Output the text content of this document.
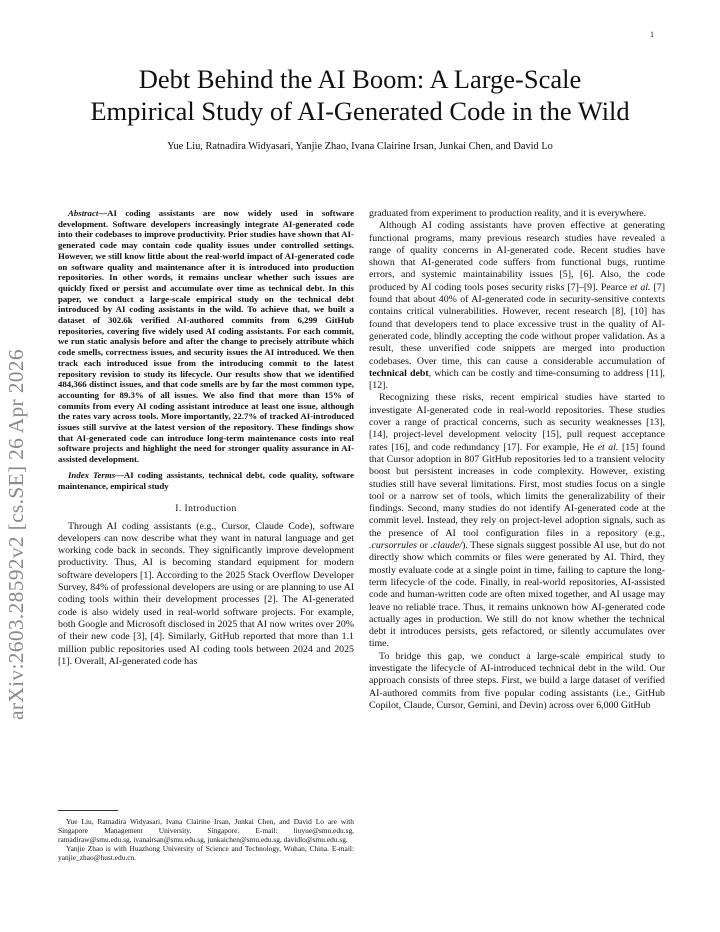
1
arXiv:2603.28592v2 [cs.SE] 26 Apr 2026
Debt Behind the AI Boom: A Large-Scale
Empirical Study of AI-Generated Code in the Wild
Yue Liu, Ratnadira Widyasari, Yanjie Zhao, Ivana Clairine Irsan, Junkai Chen, and David Lo

Abstract—AI coding assistants are now widely used in software development. Software developers increasingly integrate AI-generated code into their codebases to improve productivity. Prior studies have shown that AI-generated code may contain code quality issues under controlled settings. However, we still know little about the real-world impact of AI-generated code on software quality and maintenance after it is introduced into production repositories. In other words, it remains unclear whether such issues are quickly fixed or persist and accumulate over time as technical debt. In this paper, we conduct a large-scale empirical study on the technical debt introduced by AI coding assistants in the wild. To achieve that, we built a dataset of 302.6k verified AI-authored commits from 6,299 GitHub repositories, covering five widely used AI coding assistants. For each commit, we run static analysis before and after the change to precisely attribute which code smells, correctness issues, and security issues the AI introduced. We then track each introduced issue from the introducing commit to the latest repository revision to study its lifecycle. Our results show that we identified 484,366 distinct issues, and that code smells are by far the most common type, accounting for 89.3% of all issues. We also find that more than 15% of commits from every AI coding assistant introduce at least one issue, although the rates vary across tools. More importantly, 22.7% of tracked AI-introduced issues still survive at the latest version of the repository. These findings show that AI-generated code can introduce long-term maintenance costs into real software projects and highlight the need for stronger quality assurance in AI-assisted development.

Index Terms—AI coding assistants, technical debt, code quality, software maintenance, empirical study

I. Introduction

Through AI coding assistants (e.g., Cursor, Claude Code), software developers can now describe what they want in natural language and get working code back in seconds. They significantly improve development productivity. Thus, AI is becoming standard equipment for modern software developers [1]. According to the 2025 Stack Overflow Developer Survey, 84% of professional developers are using or are planning to use AI coding tools within their development processes [2]. The AI-generated code is also widely used in real-world software projects. For example, both Google and Microsoft disclosed in 2025 that AI now writes over 20% of their new code [3], [4]. Similarly, GitHub reported that more than 1.1 million public repositories used AI coding tools between 2024 and 2025 [1]. Overall, AI-generated code has

Yue Liu, Ratnadira Widyasari, Ivana Clairine Irsan, Junkai Chen, and David Lo are with Singapore Management University, Singapore. E-mail: liuyue@smu.edu.sg, ratnadiraw@smu.edu.sg, ivanairsan@smu.edu.sg, junkaichen@smu.edu.sg, davidlo@smu.edu.sg.

Yanjie Zhao is with Huazhong University of Science and Technology, Wuhan, China. E-mail: yanjie_zhao@hust.edu.cn.

graduated from experiment to production reality, and it is everywhere.

Although AI coding assistants have proven effective at generating functional programs, many previous research studies have revealed a range of quality concerns in AI-generated code. Recent studies have shown that AI-generated code suffers from functional bugs, runtime errors, and systemic maintainability issues [5], [6]. Also, the code produced by AI coding tools poses security risks [7]–[9]. Pearce et al. [7] found that about 40% of AI-generated code in security-sensitive contexts contains critical vulnerabilities. However, recent research [8], [10] has found that developers tend to place excessive trust in the quality of AI-generated code, blindly accepting the code without proper validation. As a result, these unverified code snippets are merged into production codebases. Over time, this can cause a considerable accumulation of technical debt, which can be costly and time-consuming to address [11], [12].

Recognizing these risks, recent empirical studies have started to investigate AI-generated code in real-world repositories. These studies cover a range of practical concerns, such as security weaknesses [13], [14], project-level development velocity [15], pull request acceptance rates [16], and code redundancy [17]. For example, He et al. [15] found that Cursor adoption in 807 GitHub repositories led to a transient velocity boost but persistent increases in code complexity. However, existing studies still have several limitations. First, most studies focus on a single tool or a narrow set of tools, which limits the generalizability of their findings. Second, many studies do not identify AI-generated code at the commit level. Instead, they rely on project-level adoption signals, such as the presence of AI tool configuration files in a repository (e.g., .cursorrules or .claude/). These signals suggest possible AI use, but do not directly show which commits or files were generated by AI. Third, they mostly evaluate code at a single point in time, failing to capture the long-term lifecycle of the code. Finally, in real-world repositories, AI-assisted code and human-written code are often mixed together, and AI usage may leave no reliable trace. Thus, it remains unknown how AI-generated code actually ages in production. We still do not know whether the technical debt it introduces persists, gets refactored, or silently accumulates over time.

To bridge this gap, we conduct a large-scale empirical study to investigate the lifecycle of AI-introduced technical debt in the wild. Our approach consists of three steps. First, we build a large dataset of verified AI-authored commits from five popular coding assistants (i.e., GitHub Copilot, Claude, Cursor, Gemini, and Devin) across over 6,000 GitHub
